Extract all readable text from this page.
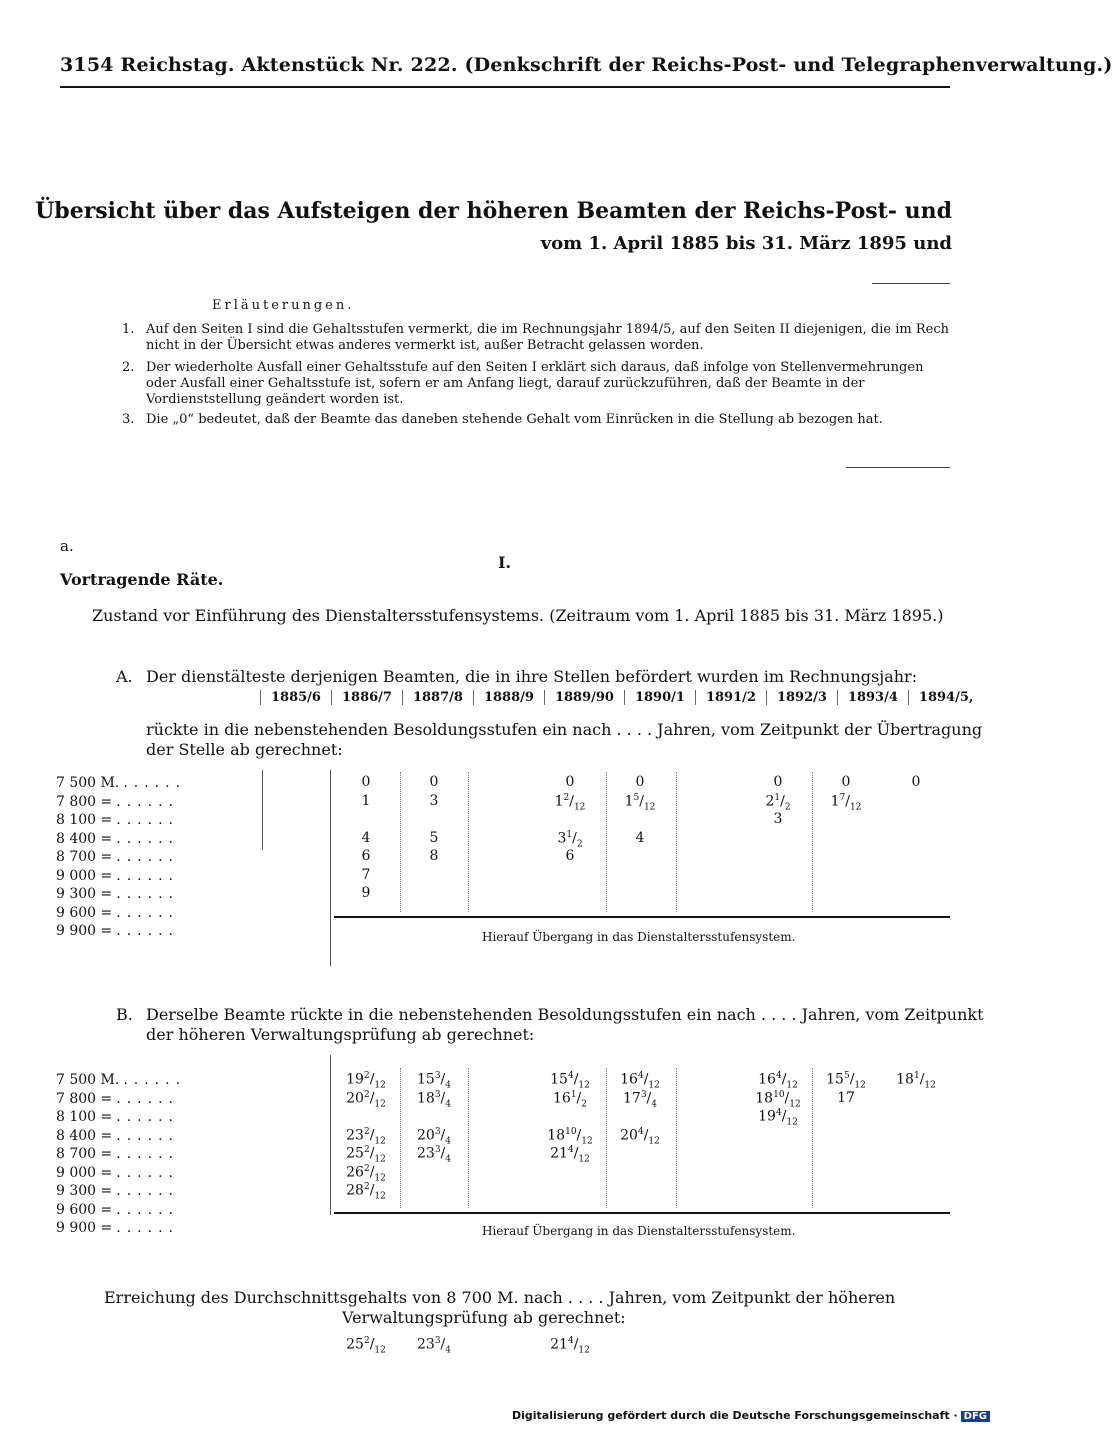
3154 Reichstag. Aktenstück Nr. 222. (Denkschrift der Reichs-Post- und Telegraphenverwaltung.)
Übersicht über das Aufsteigen der höheren Beamten der Reichs-Post- und
vom 1. April 1885 bis 31. März 1895 und
Erläuterungen.
1. Auf den Seiten I sind die Gehaltsstufen vermerkt, die im Rechnungsjahr 1894/5, auf den Seiten II diejenigen, die im Rech nicht in der Übersicht etwas anderes vermerkt ist, außer Betracht gelassen worden.
2. Der wiederholte Ausfall einer Gehaltsstufe auf den Seiten I erklärt sich daraus, daß infolge von Stellenvermehrungen oder Ausfall einer Gehaltsstufe ist, sofern er am Anfang liegt, darauf zurückzuführen, daß der Beamte in der Vordienststellung geändert worden ist.
3. Die „0“ bedeutet, daß der Beamte das daneben stehende Gehalt vom Einrücken in die Stellung ab bezogen hat.
a.
I.
Vortragende Räte.
Zustand vor Einführung des Dienstaltersstufensystems. (Zeitraum vom 1. April 1885 bis 31. März 1895.)
A. Der dienstälteste derjenigen Beamten, die in ihre Stellen befördert wurden im Rechnungsjahr:
1885/6 1886/7 1887/8 1888/9 1889/90 1890/1 1891/2 1892/3 1893/4 1894/5,
rückte in die nebenstehenden Besoldungsstufen ein nach . . . . Jahren, vom Zeitpunkt der Übertragung
der Stelle ab gerechnet:
7 500 M. ......
7 800 = ......
8 100 = ......
8 400 = ......
8 700 = ......
9 000 = ......
9 300 = ......
9 600 = ......
9 900 = ......
0
1
4
6
7
9
0
3
5
8
0
$1^2/_{12}$
$3^1/_2$
6
0
$1^5/_{12}$
4
0
$2^1/_2$
3
0
$1^7/_{12}$
0
Hierauf Übergang in das Dienstaltersstufensystem.
B. Derselbe Beamte rückte in die nebenstehenden Besoldungsstufen ein nach . . . . Jahren, vom Zeitpunkt
der höheren Verwaltungsprüfung ab gerechnet:
7 500 M. ......
7 800 = ......
8 100 = ......
8 400 = ......
8 700 = ......
9 000 = ......
9 300 = ......
9 600 = ......
9 900 = ......
$19^2/_{12}$
$20^2/_{12}$
$23^2/_{12}$
$25^2/_{12}$
$26^2/_{12}$
$28^2/_{12}$
$15^3/_4$
$18^3/_4$
$20^3/_4$
$23^3/_4$
$15^4/_{12}$
$16^1/_2$
$18^{10}/_{12}$
$21^4/_{12}$
$16^4/_{12}$
$17^3/_4$
$20^4/_{12}$
$16^4/_{12}$
$18^{10}/_{12}$
$19^4/_{12}$
$15^5/_{12}$
17
$18^1/_{12}$
Hierauf Übergang in das Dienstaltersstufensystem.
Erreichung des Durchschnittsgehalts von 8 700 M. nach . . . . Jahren, vom Zeitpunkt der höheren
Verwaltungsprüfung ab gerechnet:
$25^2/_{12}$	$23^3/_4$	$21^4/_{12}$
Digitalisierung gefördert durch die Deutsche Forschungsgemeinschaft · DFG
